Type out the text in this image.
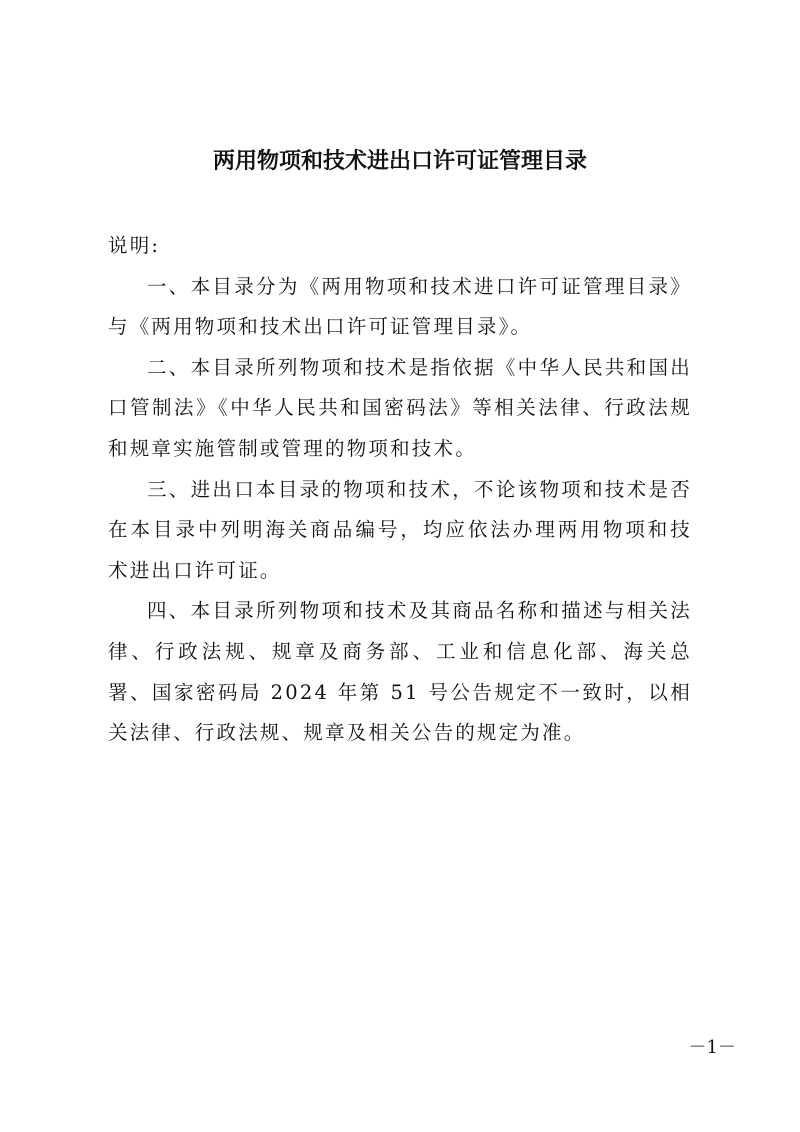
两用物项和技术进出口许可证管理目录

说明:

一、本目录分为《两用物项和技术进口许可证管理目录》与《两用物项和技术出口许可证管理目录》。

二、本目录所列物项和技术是指依据《中华人民共和国出口管制法》《中华人民共和国密码法》等相关法律、行政法规和规章实施管制或管理的物项和技术。

三、进出口本目录的物项和技术，不论该物项和技术是否在本目录中列明海关商品编号，均应依法办理两用物项和技术进出口许可证。

四、本目录所列物项和技术及其商品名称和描述与相关法律、行政法规、规章及商务部、工业和信息化部、海关总署、国家密码局 2024 年第 51 号公告规定不一致时，以相关法律、行政法规、规章及相关公告的规定为准。

－1－
